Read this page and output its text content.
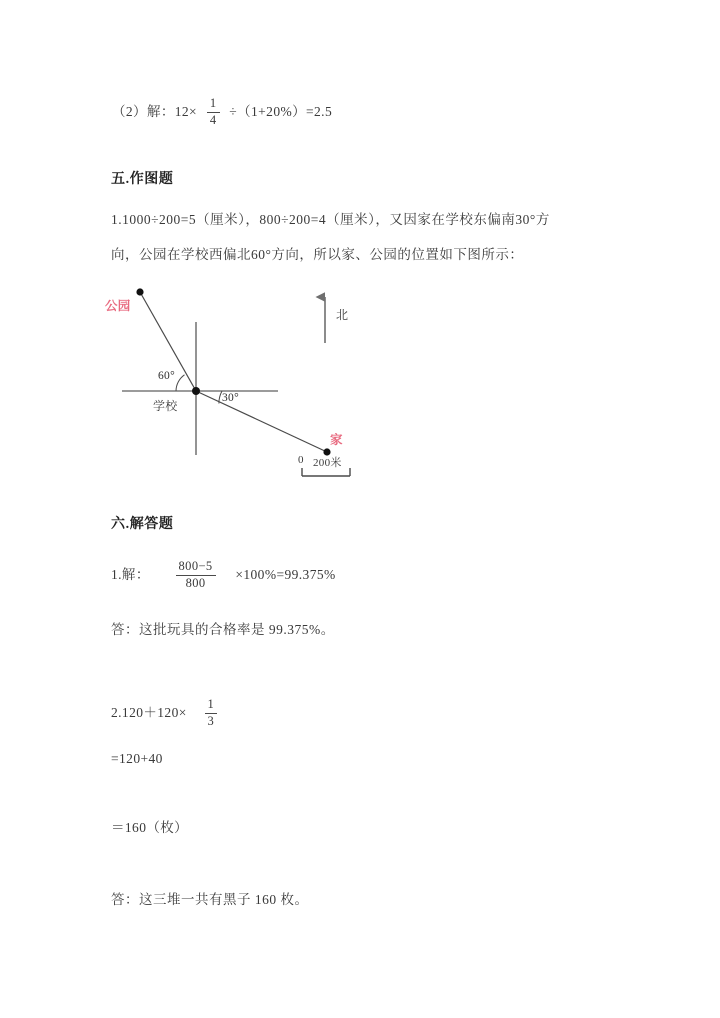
（2）解：$12\times \frac{1}{4} \div(1+20\%)=2.5$
五.作图题
1.1000÷200=5（厘米），800÷200=4（厘米），又因家在学校东偏南30°方
向，公园在学校西偏北60°方向，所以家、公园的位置如下图所示：
公园
学校
家
北
60°
30°
0 200米
六.解答题
1.解： $\frac{800-5}{800} \times 100\%=99.375\%$
答：这批玩具的合格率是 99.375%。
$2.120+120\times \frac{1}{3}$
=120+40
＝160（枚）
答：这三堆一共有黑子 160 枚。
